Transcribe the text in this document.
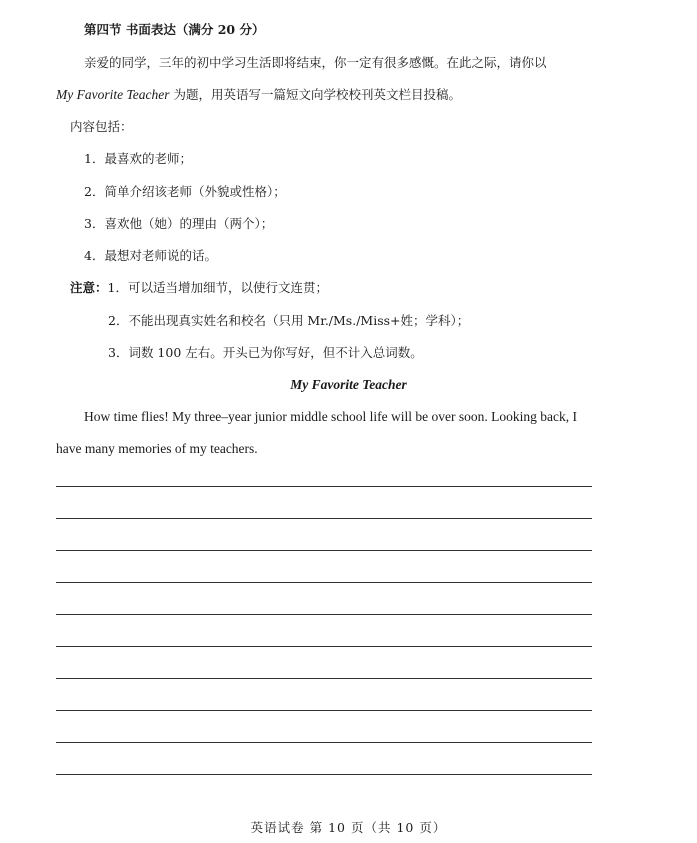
第四节 书面表达（满分 20 分）
亲爱的同学，三年的初中学习生活即将结束，你一定有很多感慨。在此之际，请你以
My Favorite Teacher 为题，用英语写一篇短文向学校校刊英文栏目投稿。
内容包括：
1．最喜欢的老师；
2．简单介绍该老师（外貌或性格）；
3．喜欢他（她）的理由（两个）；
4．最想对老师说的话。
注意：1．可以适当增加细节，以使行文连贯；
2．不能出现真实姓名和校名（只用 Mr./Ms./Miss+姓；学科）；
3．词数 100 左右。开头已为你写好，但不计入总词数。
My Favorite Teacher
How time flies! My three–year junior middle school life will be over soon. Looking back, I
have many memories of my teachers.
英语试卷 第 10 页（共 10 页）
